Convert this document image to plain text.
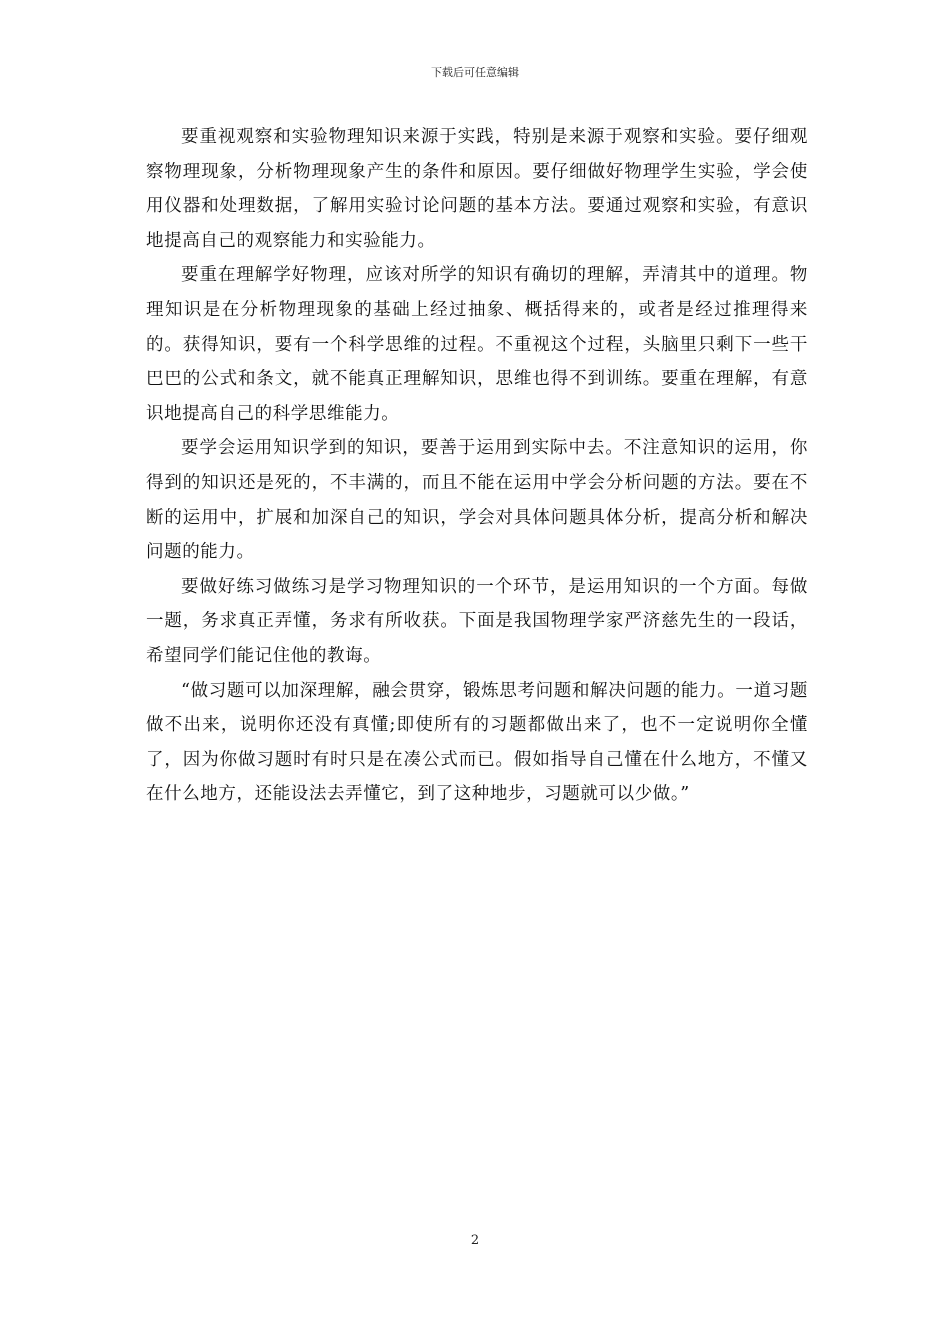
下载后可任意编辑

要重视观察和实验物理知识来源于实践，特别是来源于观察和实验。要仔细观察物理现象，分析物理现象产生的条件和原因。要仔细做好物理学生实验，学会使用仪器和处理数据，了解用实验讨论问题的基本方法。要通过观察和实验，有意识地提高自己的观察能力和实验能力。

要重在理解学好物理，应该对所学的知识有确切的理解，弄清其中的道理。物理知识是在分析物理现象的基础上经过抽象、概括得来的，或者是经过推理得来的。获得知识，要有一个科学思维的过程。不重视这个过程，头脑里只剩下一些干巴巴的公式和条文，就不能真正理解知识，思维也得不到训练。要重在理解，有意识地提高自己的科学思维能力。

要学会运用知识学到的知识，要善于运用到实际中去。不注意知识的运用，你得到的知识还是死的，不丰满的，而且不能在运用中学会分析问题的方法。要在不断的运用中，扩展和加深自己的知识，学会对具体问题具体分析，提高分析和解决问题的能力。

要做好练习做练习是学习物理知识的一个环节，是运用知识的一个方面。每做一题，务求真正弄懂，务求有所收获。下面是我国物理学家严济慈先生的一段话，希望同学们能记住他的教诲。

“做习题可以加深理解，融会贯穿，锻炼思考问题和解决问题的能力。一道习题做不出来，说明你还没有真懂;即使所有的习题都做出来了，也不一定说明你全懂了，因为你做习题时有时只是在凑公式而已。假如指导自己懂在什么地方，不懂又在什么地方，还能设法去弄懂它，到了这种地步，习题就可以少做。”

2
